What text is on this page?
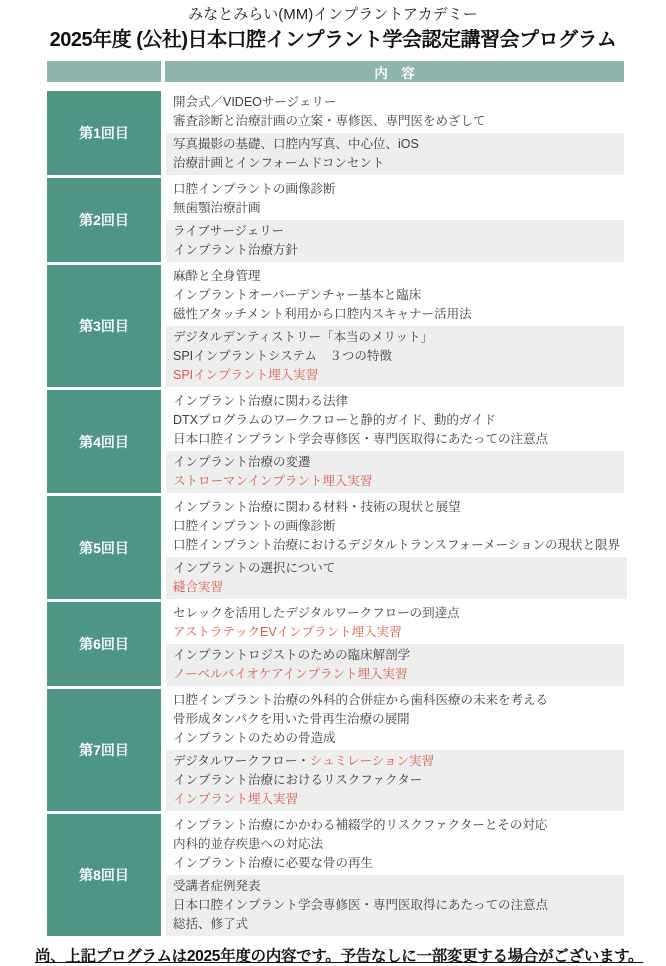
みなとみらい(MM)インプラントアカデミー
2025年度 (公社)日本口腔インプラント学会認定講習会プログラム
内　容
第1回目
開会式／VIDEOサージェリー
審査診断と治療計画の立案・専修医、専門医をめざして
写真撮影の基礎、口腔内写真、中心位、iOS
治療計画とインフォームドコンセント
第2回目
口腔インプラントの画像診断
無歯顎治療計画
ライブサージェリー
インプラント治療方針
第3回目
麻酔と全身管理
インプラントオーバーデンチャー基本と臨床
磁性アタッチメント利用から口腔内スキャナー活用法
デジタルデンティストリー「本当のメリット」
SPIインプラントシステム　３つの特徴
SPIインプラント埋入実習
第4回目
インプラント治療に関わる法律
DTXプログラムのワークフローと静的ガイド、動的ガイド
日本口腔インプラント学会専修医・専門医取得にあたっての注意点
インプラント治療の変遷
ストローマンインプラント埋入実習
第5回目
インプラント治療に関わる材料・技術の現状と展望
口腔インプラントの画像診断
口腔インプラント治療におけるデジタルトランスフォーメーションの現状と限界
インプラントの選択について
縫合実習
第6回目
セレックを活用したデジタルワークフローの到達点
アストラテックEVインプラント埋入実習
インプラントロジストのための臨床解剖学
ノーベルバイオケアインプラント埋入実習
第7回目
口腔インプラント治療の外科的合併症から歯科医療の未来を考える
骨形成タンパクを用いた骨再生治療の展開
インプラントのための骨造成
デジタルワークフロー・シュミレーション実習
インプラント治療におけるリスクファクター
インプラント埋入実習
第8回目
インプラント治療にかかわる補綴学的リスクファクターとその対応
内科的並存疾患への対応法
インプラント治療に必要な骨の再生
受講者症例発表
日本口腔インプラント学会専修医・専門医取得にあたっての注意点
総括、修了式
尚、上記プログラムは2025年度の内容です。予告なしに一部変更する場合がございます。
